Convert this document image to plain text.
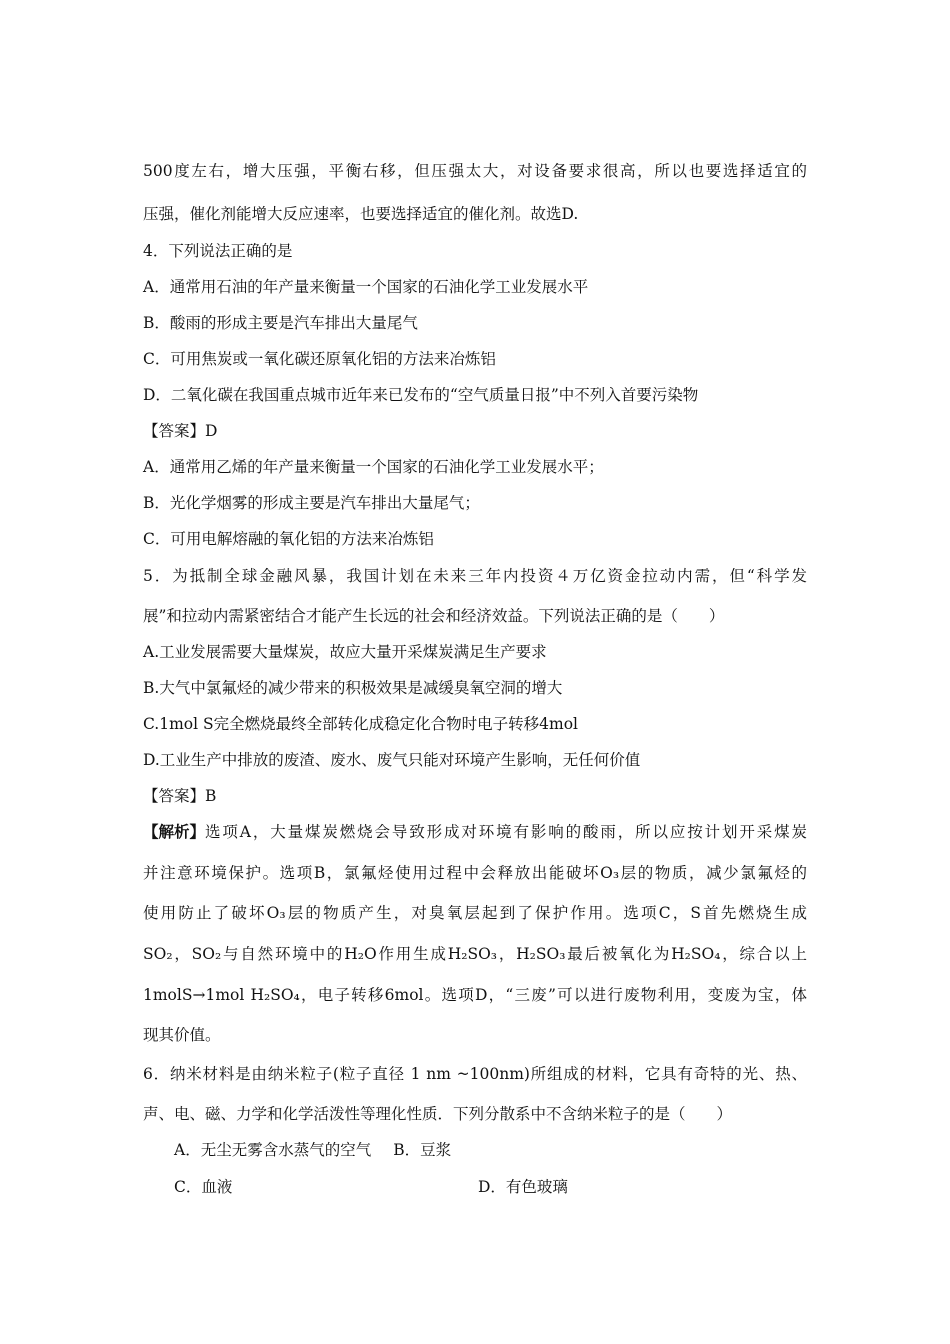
500度左右，增大压强，平衡右移，但压强太大，对设备要求很高，所以也要选择适宜的
压强，催化剂能增大反应速率，也要选择适宜的催化剂。故选D.
4．下列说法正确的是
A．通常用石油的年产量来衡量一个国家的石油化学工业发展水平
B．酸雨的形成主要是汽车排出大量尾气
C．可用焦炭或一氧化碳还原氧化铝的方法来冶炼铝
D．二氧化碳在我国重点城市近年来已发布的“空气质量日报”中不列入首要污染物
【答案】D
A．通常用乙烯的年产量来衡量一个国家的石油化学工业发展水平；
B．光化学烟雾的形成主要是汽车排出大量尾气；
C．可用电解熔融的氧化铝的方法来冶炼铝
5．为抵制全球金融风暴，我国计划在未来三年内投资４万亿资金拉动内需，但“科学发
展”和拉动内需紧密结合才能产生长远的社会和经济效益。下列说法正确的是（　　）
A.工业发展需要大量煤炭，故应大量开采煤炭满足生产要求
B.大气中氯氟烃的减少带来的积极效果是减缓臭氧空洞的增大
C.1mol S完全燃烧最终全部转化成稳定化合物时电子转移4mol
D.工业生产中排放的废渣、废水、废气只能对环境产生影响，无任何价值
【答案】B
【解析】 选项A，大量煤炭燃烧会导致形成对环境有影响的酸雨，所以应按计划开采煤炭
并注意环境保护。选项B，氯氟烃使用过程中会释放出能破坏O₃层的物质，减少氯氟烃的
使用防止了破坏O₃层的物质产生，对臭氧层起到了保护作用。选项C，S首先燃烧生成
SO₂，SO₂与自然环境中的H₂O作用生成H₂SO₃，H₂SO₃最后被氧化为H₂SO₄，综合以上
1molS→1mol H₂SO₄，电子转移6mol。选项D，“三废”可以进行废物利用，变废为宝，体
现其价值。
6．纳米材料是由纳米粒子(粒子直径 1 nm ~100nm)所组成的材料，它具有奇特的光、热、
声、电、磁、力学和化学活泼性等理化性质．下列分散系中不含纳米粒子的是（　　）
A．无尘无雾含水蒸气的空气 B．豆浆
C．血液	D．有色玻璃
